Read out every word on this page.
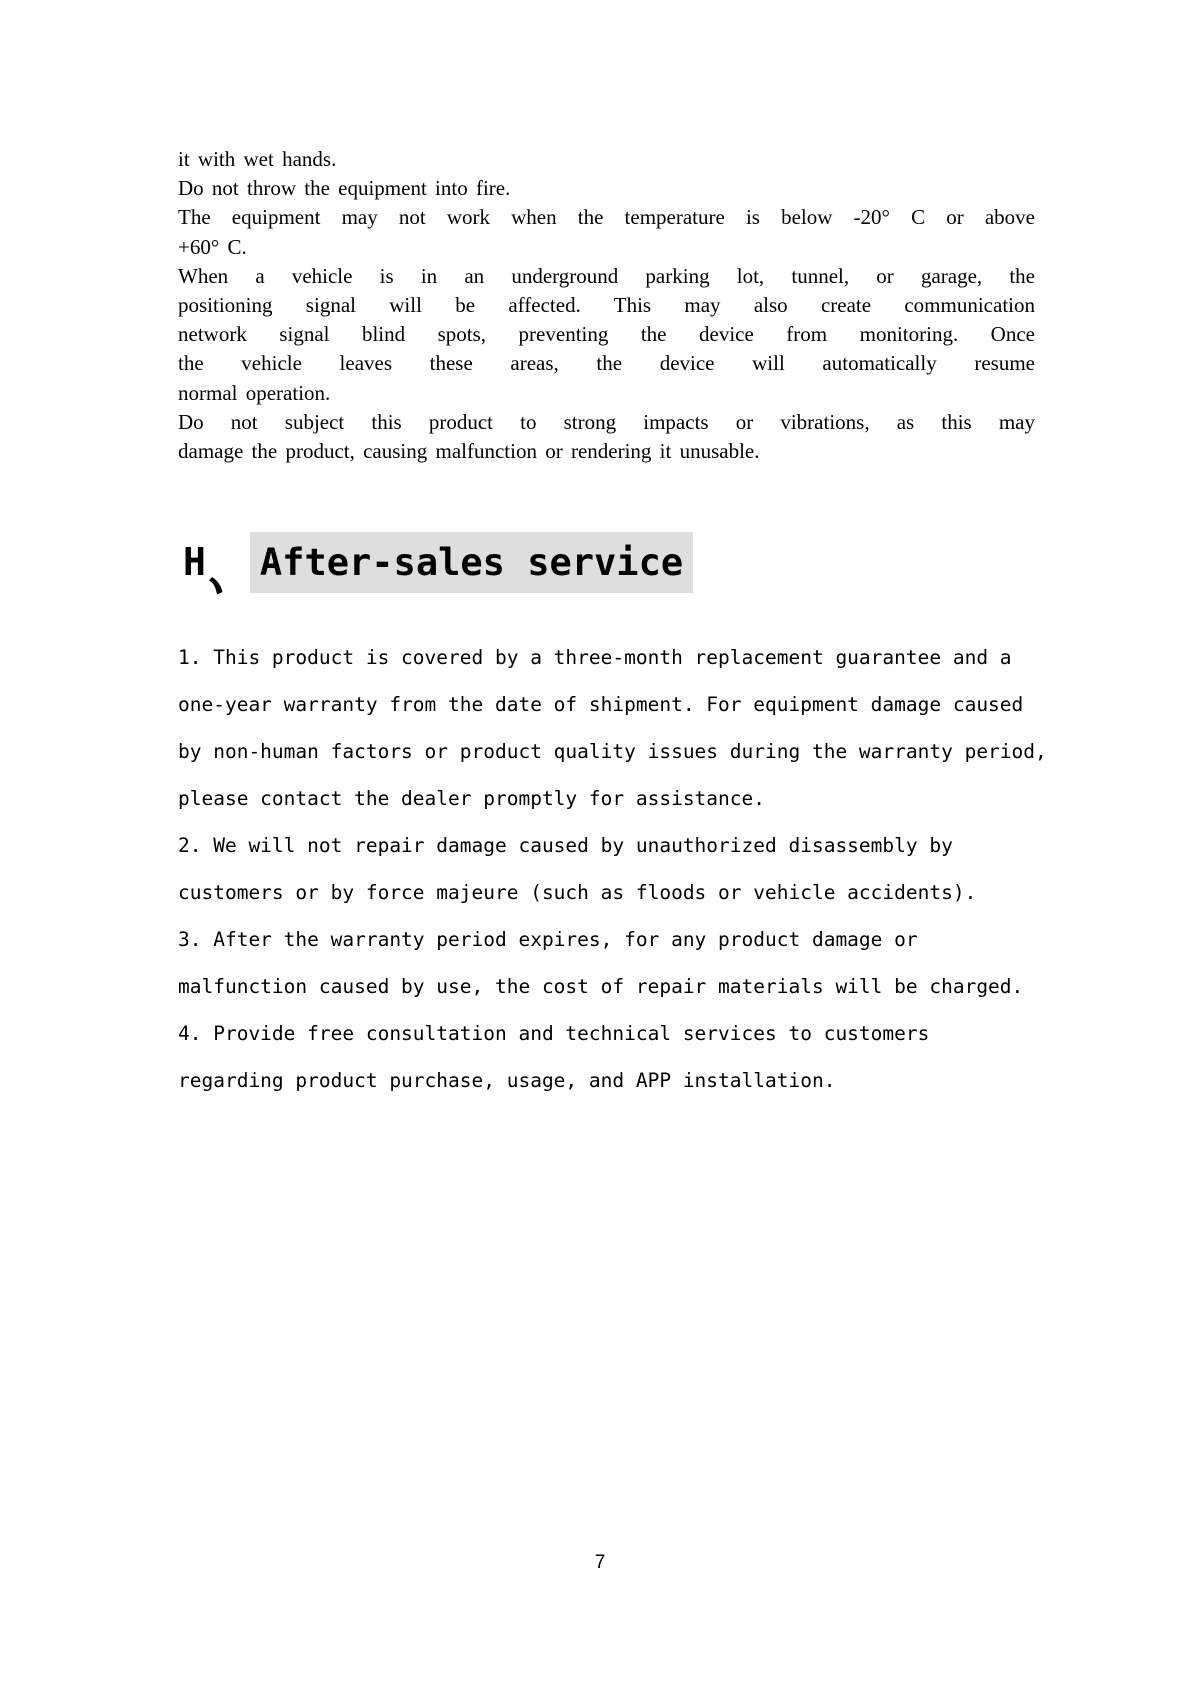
it with wet hands.
Do not throw the equipment into fire.
The equipment may not work when the temperature is below -20° C or above
+60° C.
When a vehicle is in an underground parking lot, tunnel, or garage, the
positioning signal will be affected. This may also create communication
network signal blind spots, preventing the device from monitoring. Once
the vehicle leaves these areas, the device will automatically resume
normal operation.
Do not subject this product to strong impacts or vibrations, as this may
damage the product, causing malfunction or rendering it unusable.
H After-sales service
1. This product is covered by a three-month replacement guarantee and a
one-year warranty from the date of shipment. For equipment damage caused
by non-human factors or product quality issues during the warranty period,
please contact the dealer promptly for assistance.
2. We will not repair damage caused by unauthorized disassembly by
customers or by force majeure (such as floods or vehicle accidents).
3. After the warranty period expires, for any product damage or
malfunction caused by use, the cost of repair materials will be charged.
4. Provide free consultation and technical services to customers
regarding product purchase, usage, and APP installation.
7
